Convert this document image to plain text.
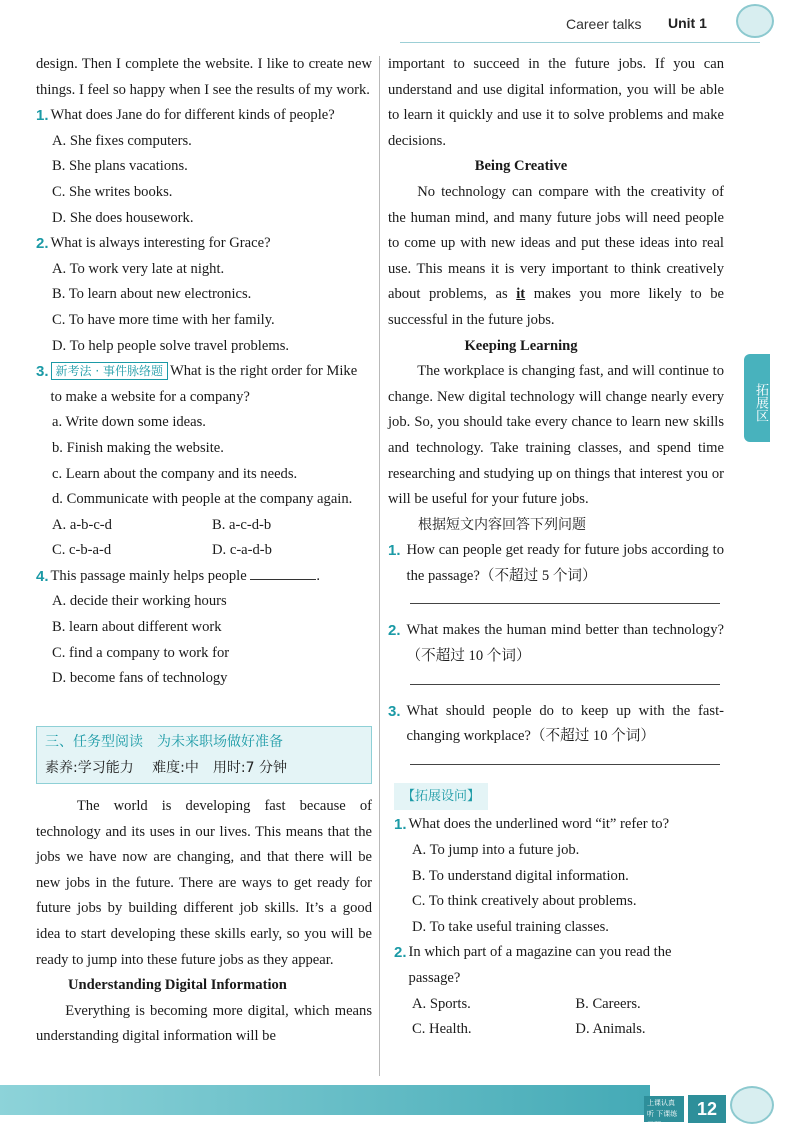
Career talks Unit 1

design. Then I complete the website. I like to create new things. I feel so happy when I see the results of my work.

1. What does Jane do for different kinds of people?
A. She fixes computers.
B. She plans vacations.
C. She writes books.
D. She does housework.
2. What is always interesting for Grace?
A. To work very late at night.
B. To learn about new electronics.
C. To have more time with her family.
D. To help people solve travel problems.
3. 新考法 · 事件脉络题 What is the right order for Mike to make a website for a company?
a. Write down some ideas.
b. Finish making the website.
c. Learn about the company and its needs.
d. Communicate with people at the company again.
A. a-b-c-d	B. a-c-d-b
C. c-b-a-d	D. c-a-d-b
4. This passage mainly helps people	.
A. decide their working hours
B. learn about different work
C. find a company to work for
D. become fans of technology
三、任务型阅读　为未来职场做好准备
素养:学习能力　 难度:中　用时:7 分钟

The world is developing fast because of technology and its uses in our lives. This means that the jobs we have now are changing, and that there will be new jobs in the future. There are ways to get ready for future jobs by building different job skills. It’s a good idea to start developing these skills early, so you will be ready to jump into these future jobs as they appear.

Understanding Digital Information

Everything is becoming more digital, which means understanding digital information will be

important to succeed in the future jobs. If you can understand and use digital information, you will be able to learn it quickly and use it to solve problems and make decisions.

Being Creative

No technology can compare with the creativity of the human mind, and many future jobs will need people to come up with new ideas and put these ideas into real use. This means it is very important to think creatively about problems, as it makes you more likely to be successful in the future jobs.

Keeping Learning

The workplace is changing fast, and will continue to change. New digital technology will change nearly every job. So, you should take every chance to learn new skills and technology. Take training classes, and spend time researching and studying up on things that interest you or will be useful for your future jobs.

根据短文内容回答下列问题
1. How can people get ready for future jobs according to the passage?（不超过 5 个词）
2. What makes the human mind better than technology?（不超过 10 个词）
3. What should people do to keep up with the fast-changing workplace?（不超过 10 个词）
【拓展设问】
1. What does the underlined word “it” refer to?
A. To jump into a future job.
B. To understand digital information.
C. To think creatively about problems.
D. To take useful training classes.
2. In which part of a magazine can you read the passage?
A. Sports.	B. Careers.
C. Health.	D. Animals.
拓展区
上课认真听 下课练习题
12
